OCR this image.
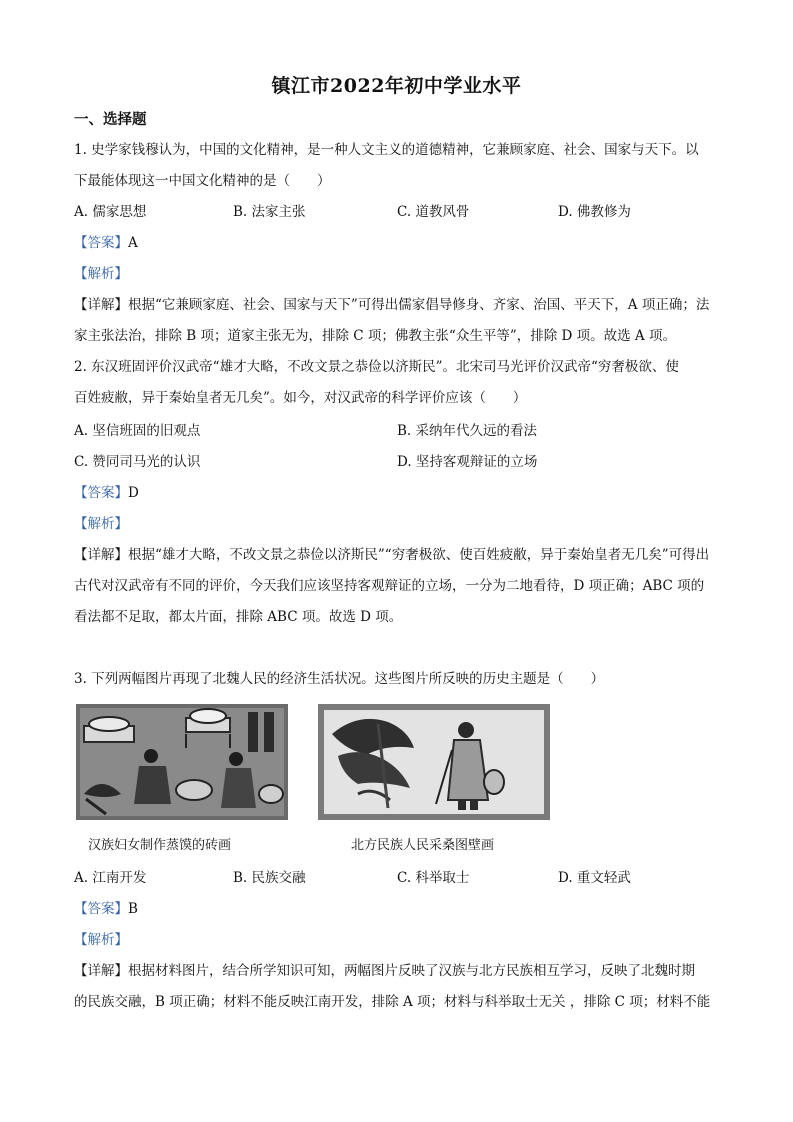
镇江市2022年初中学业水平
一、选择题
1. 史学家钱穆认为，中国的文化精神，是一种人文主义的道德精神，它兼顾家庭、社会、国家与天下。以
下最能体现这一中国文化精神的是（　　）
A. 儒家思想	B. 法家主张	C. 道教风骨	D. 佛教修为
【答案】A
【解析】
【详解】根据“它兼顾家庭、社会、国家与天下”可得出儒家倡导修身、齐家、治国、平天下，A 项正确；法
家主张法治，排除 B 项；道家主张无为，排除 C 项；佛教主张“众生平等”，排除 D 项。故选 A 项。
2. 东汉班固评价汉武帝“雄才大略，不改文景之恭俭以济斯民”。北宋司马光评价汉武帝“穷奢极欲、使
百姓疲敝，异于秦始皇者无几矣”。如今，对汉武帝的科学评价应该（　　）
A. 坚信班固的旧观点	B. 采纳年代久远的看法
C. 赞同司马光的认识	D. 坚持客观辩证的立场
【答案】D
【解析】
【详解】根据“雄才大略，不改文景之恭俭以济斯民”“穷奢极欲、使百姓疲敝，异于秦始皇者无几矣”可得出
古代对汉武帝有不同的评价，今天我们应该坚持客观辩证的立场，一分为二地看待，D 项正确；ABC 项的
看法都不足取，都太片面，排除 ABC 项。故选 D 项。
3. 下列两幅图片再现了北魏人民的经济生活状况。这些图片所反映的历史主题是（　　）
汉族妇女制作蒸馍的砖画	北方民族人民采桑图壁画
A. 江南开发	B. 民族交融	C. 科举取士	D. 重文轻武
【答案】B
【解析】
【详解】根据材料图片，结合所学知识可知，两幅图片反映了汉族与北方民族相互学习，反映了北魏时期
的民族交融，B 项正确；材料不能反映江南开发，排除 A 项；材料与科举取士无关 ，排除 C 项；材料不能
